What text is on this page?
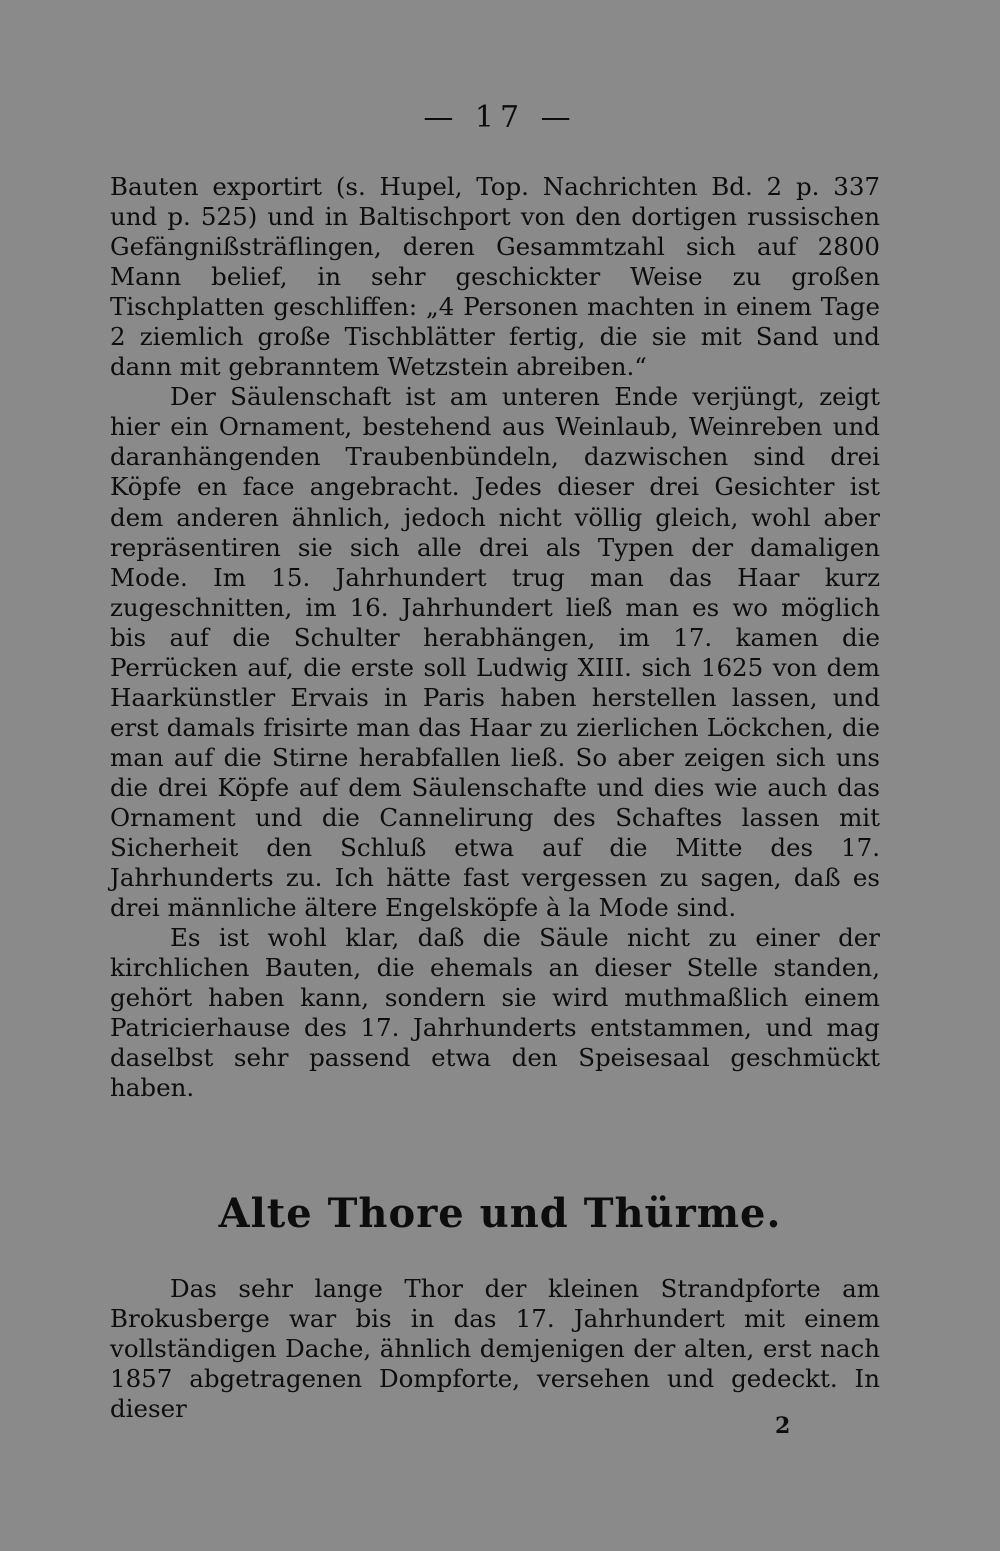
— 17 —

Bauten exportirt (s. Hupel, Top. Nachrichten Bd. 2 p. 337 und p. 525) und in Baltischport von den dortigen russischen Gefängnißsträflingen, deren Gesammtzahl sich auf 2800 Mann belief, in sehr geschickter Weise zu großen Tischplatten geschliffen: „4 Personen machten in einem Tage 2 ziemlich große Tischblätter fertig, die sie mit Sand und dann mit gebranntem Wetzstein abreiben.“

Der Säulenschaft ist am unteren Ende verjüngt, zeigt hier ein Ornament, bestehend aus Weinlaub, Weinreben und daranhängenden Traubenbündeln, dazwischen sind drei Köpfe en face angebracht. Jedes dieser drei Gesichter ist dem anderen ähnlich, jedoch nicht völlig gleich, wohl aber repräsentiren sie sich alle drei als Typen der damaligen Mode. Im 15. Jahrhundert trug man das Haar kurz zugeschnitten, im 16. Jahrhundert ließ man es wo möglich bis auf die Schulter herabhängen, im 17. kamen die Perrücken auf, die erste soll Ludwig XIII. sich 1625 von dem Haarkünstler Ervais in Paris haben herstellen lassen, und erst damals frisirte man das Haar zu zierlichen Löckchen, die man auf die Stirne herabfallen ließ. So aber zeigen sich uns die drei Köpfe auf dem Säulenschafte und dies wie auch das Ornament und die Cannelirung des Schaftes lassen mit Sicherheit den Schluß etwa auf die Mitte des 17. Jahrhunderts zu. Ich hätte fast vergessen zu sagen, daß es drei männliche ältere Engelsköpfe à la Mode sind.

Es ist wohl klar, daß die Säule nicht zu einer der kirchlichen Bauten, die ehemals an dieser Stelle standen, gehört haben kann, sondern sie wird muthmaßlich einem Patricierhause des 17. Jahrhunderts entstammen, und mag daselbst sehr passend etwa den Speisesaal geschmückt haben.

Alte Thore und Thürme.

Das sehr lange Thor der kleinen Strandpforte am Brokusberge war bis in das 17. Jahrhundert mit einem vollständigen Dache, ähnlich demjenigen der alten, erst nach 1857 abgetragenen Dompforte, versehen und gedeckt. In dieser

2
